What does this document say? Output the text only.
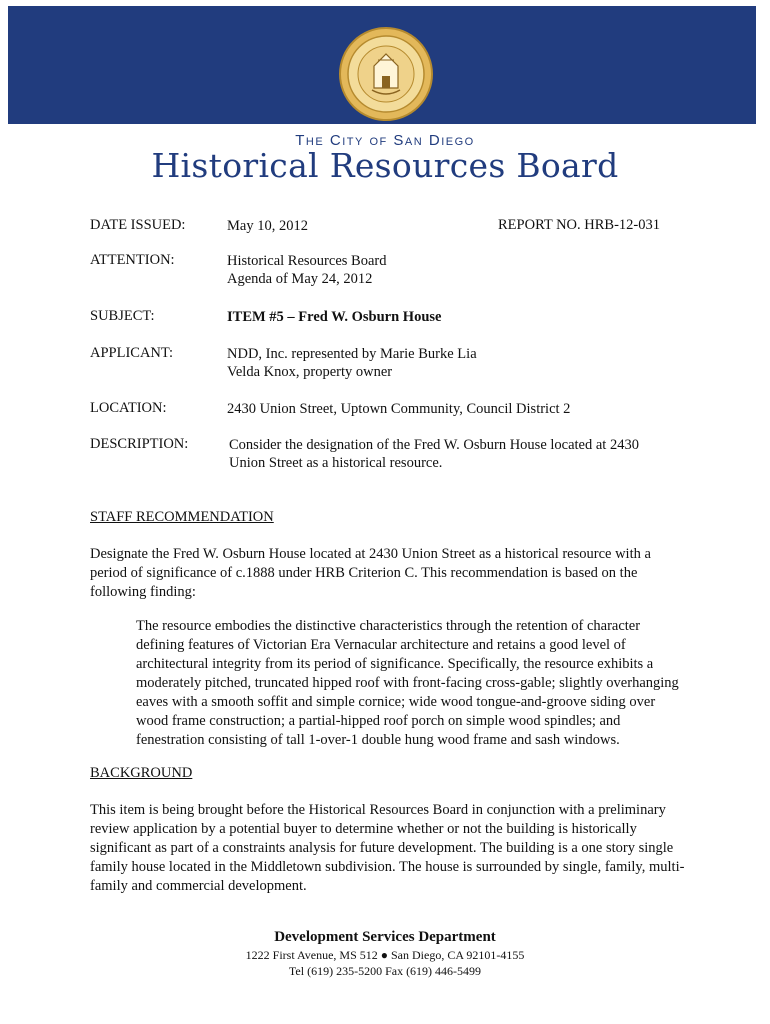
The City of San Diego
Historical Resources Board
DATE ISSUED:	May 10, 2012	REPORT NO. HRB-12-031
ATTENTION:	Historical Resources Board
Agenda of May 24, 2012
SUBJECT:	ITEM #5 – Fred W. Osburn House
APPLICANT:	NDD, Inc. represented by Marie Burke Lia
Velda Knox, property owner
LOCATION:	2430 Union Street, Uptown Community, Council District 2
DESCRIPTION:	Consider the designation of the Fred W. Osburn House located at 2430 Union Street as a historical resource.
STAFF RECOMMENDATION

Designate the Fred W. Osburn House located at 2430 Union Street as a historical resource with a period of significance of c.1888 under HRB Criterion C. This recommendation is based on the following finding:

The resource embodies the distinctive characteristics through the retention of character defining features of Victorian Era Vernacular architecture and retains a good level of architectural integrity from its period of significance. Specifically, the resource exhibits a moderately pitched, truncated hipped roof with front-facing cross-gable; slightly overhanging eaves with a smooth soffit and simple cornice; wide wood tongue-and-groove siding over wood frame construction; a partial-hipped roof porch on simple wood spindles; and fenestration consisting of tall 1-over-1 double hung wood frame and sash windows.

BACKGROUND

This item is being brought before the Historical Resources Board in conjunction with a preliminary review application by a potential buyer to determine whether or not the building is historically significant as part of a constraints analysis for future development. The building is a one story single family house located in the Middletown subdivision. The house is surrounded by single, family, multi-family and commercial development.

Development Services Department
1222 First Avenue, MS 512 ● San Diego, CA 92101-4155
Tel (619) 235-5200 Fax (619) 446-5499
